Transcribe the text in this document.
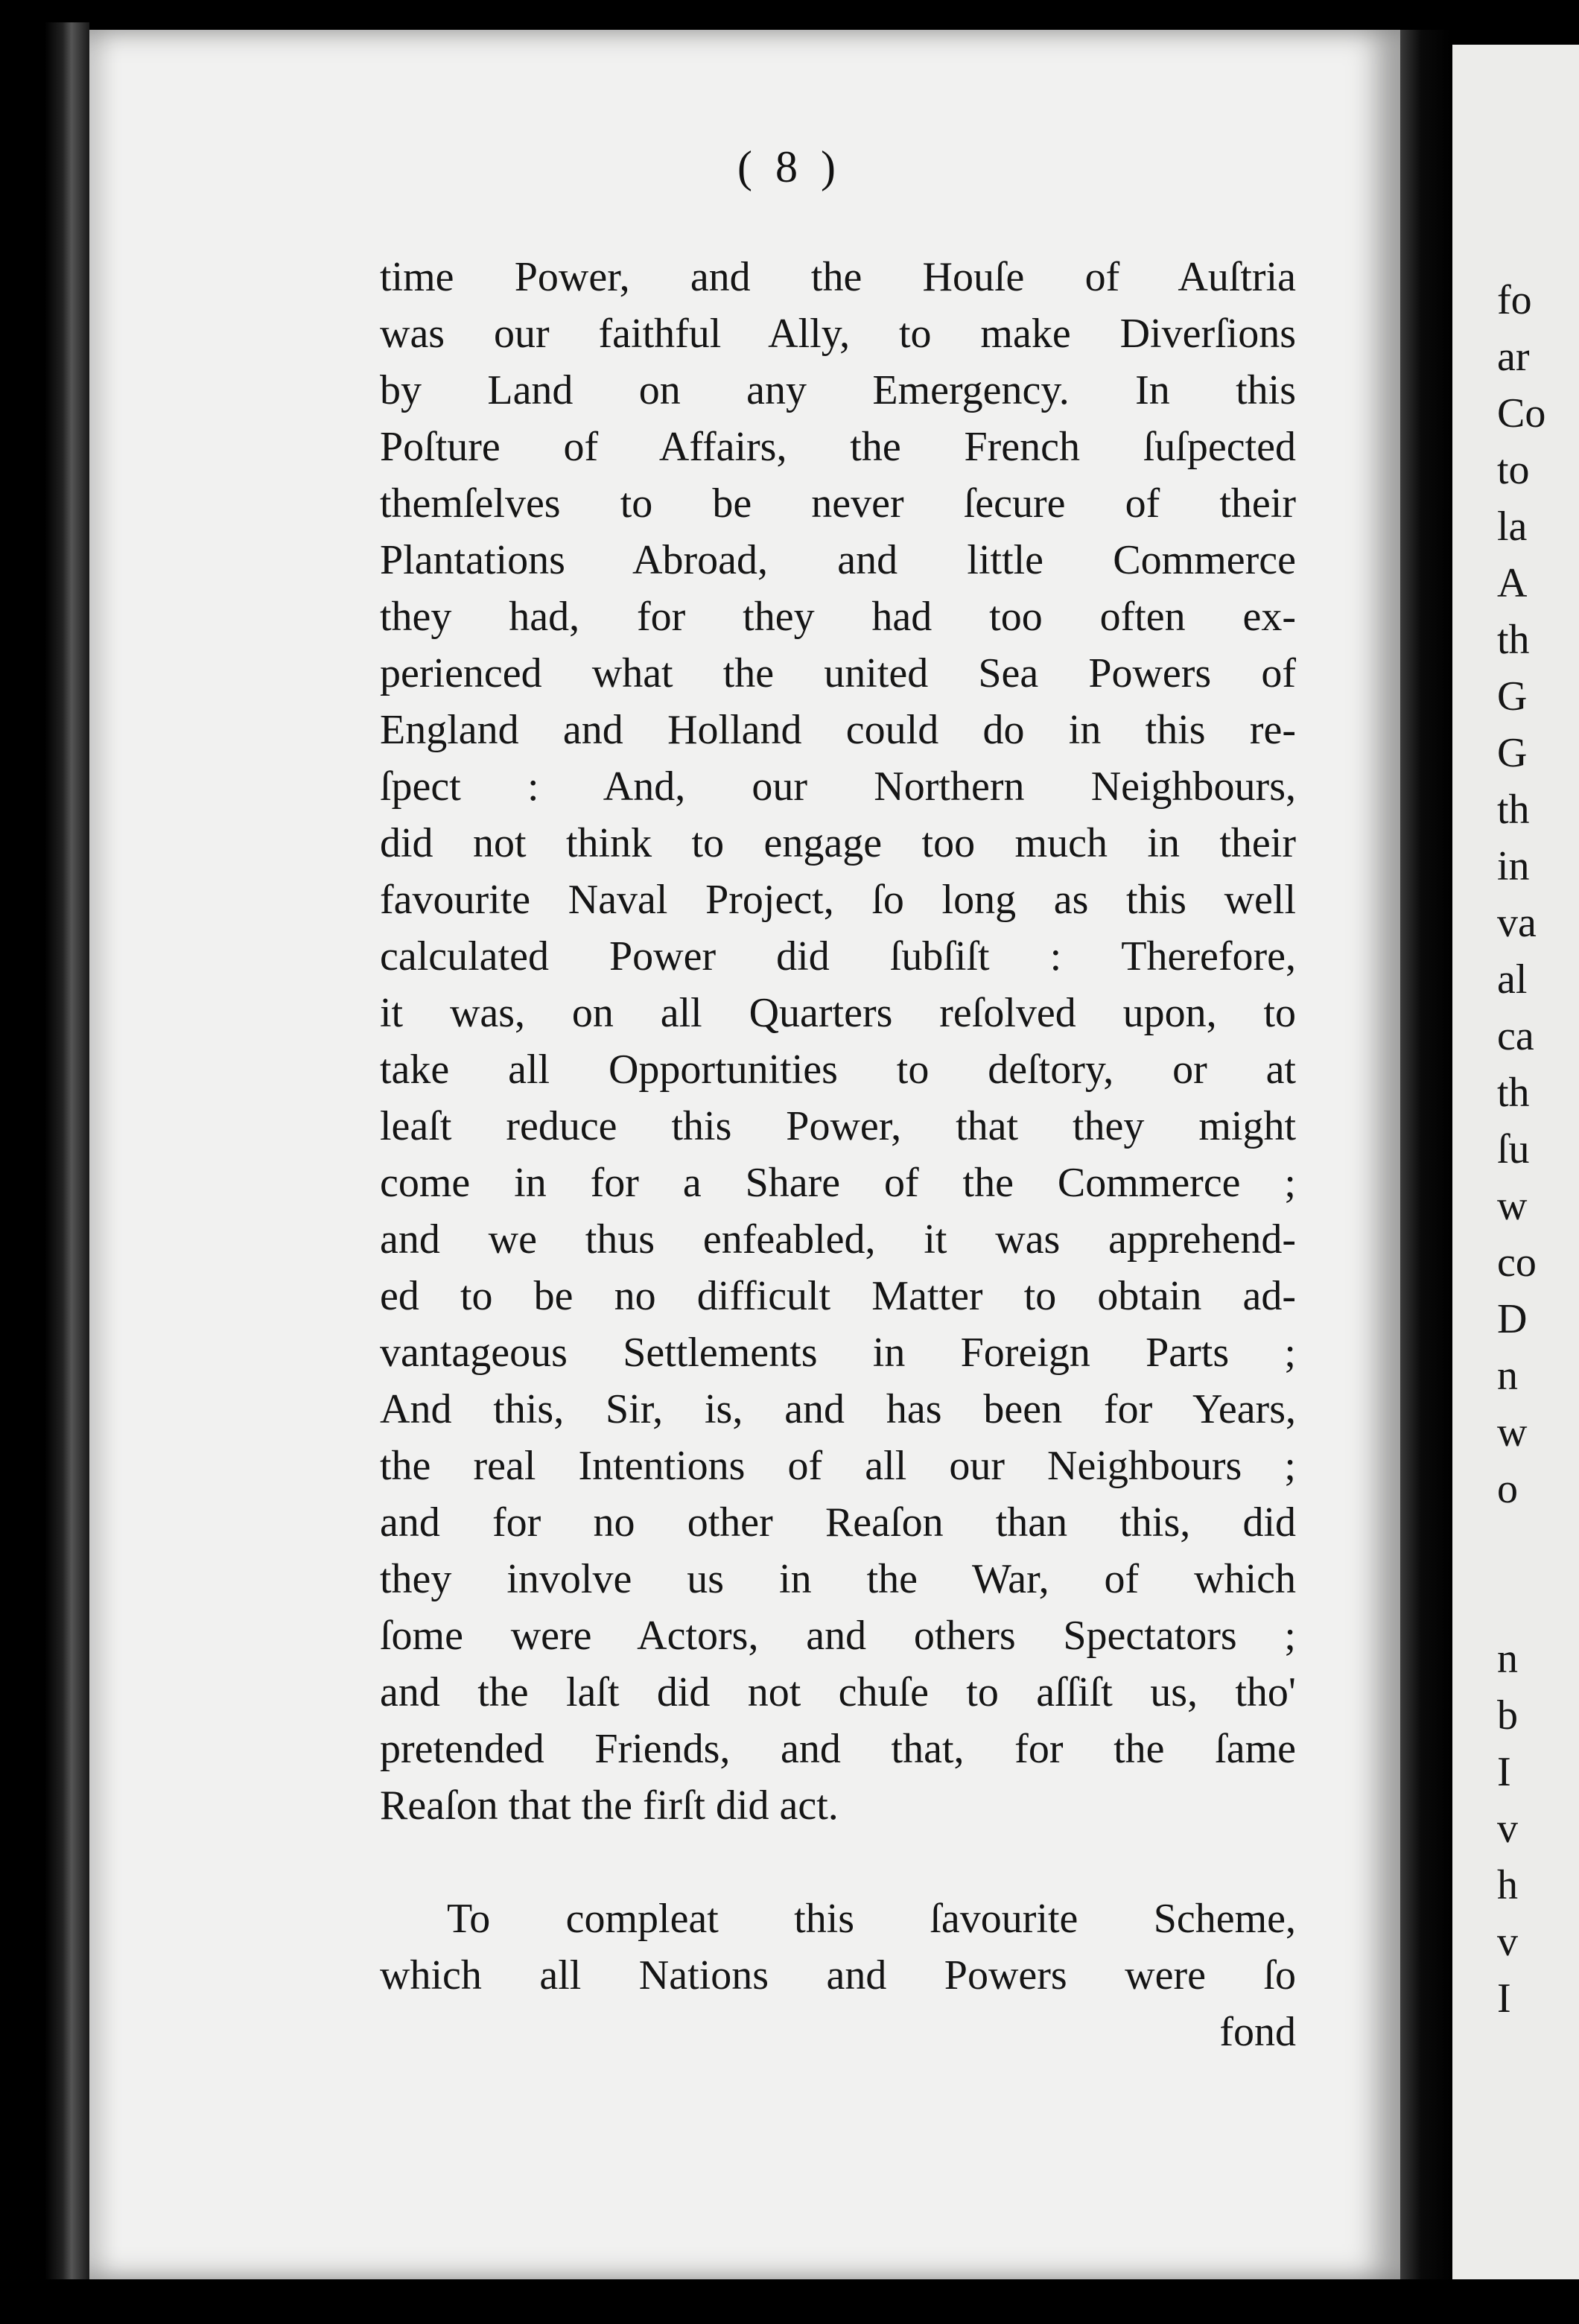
( 8 )
time Power, and the Houſe of Auſtria
was our faithful Ally, to make Diverſions
by Land on any Emergency. In this
Poſture of Affairs, the French ſuſpected
themſelves to be never ſecure of their
Plantations Abroad, and little Commerce
they had, for they had too often ex-
perienced what the united Sea Powers of
England and Holland could do in this re-
ſpect : And, our Northern Neighbours,
did not think to engage too much in their
favourite Naval Project, ſo long as this well
calculated Power did ſubſiſt : Therefore,
it was, on all Quarters reſolved upon, to
take all Opportunities to deſtory, or at
leaſt reduce this Power, that they might
come in for a Share of the Commerce ;
and we thus enfeabled, it was apprehend-
ed to be no difficult Matter to obtain ad-
vantageous Settlements in Foreign Parts ;
And this, Sir, is, and has been for Years,
the real Intentions of all our Neighbours ;
and for no other Reaſon than this, did
they involve us in the War, of which
ſome were Actors, and others Spectators ;
and the laſt did not chuſe to aſſiſt us, tho'
pretended Friends, and that, for the ſame
Reaſon that the firſt did act.
To compleat this ſavourite Scheme,
which all Nations and Powers were ſo
fond
fo
ar
Co
to
la
A
th
G
G
th
in
va
al
ca
th
ſu
w
co
D
n
w
o
n
b
I
v
h
v
I
